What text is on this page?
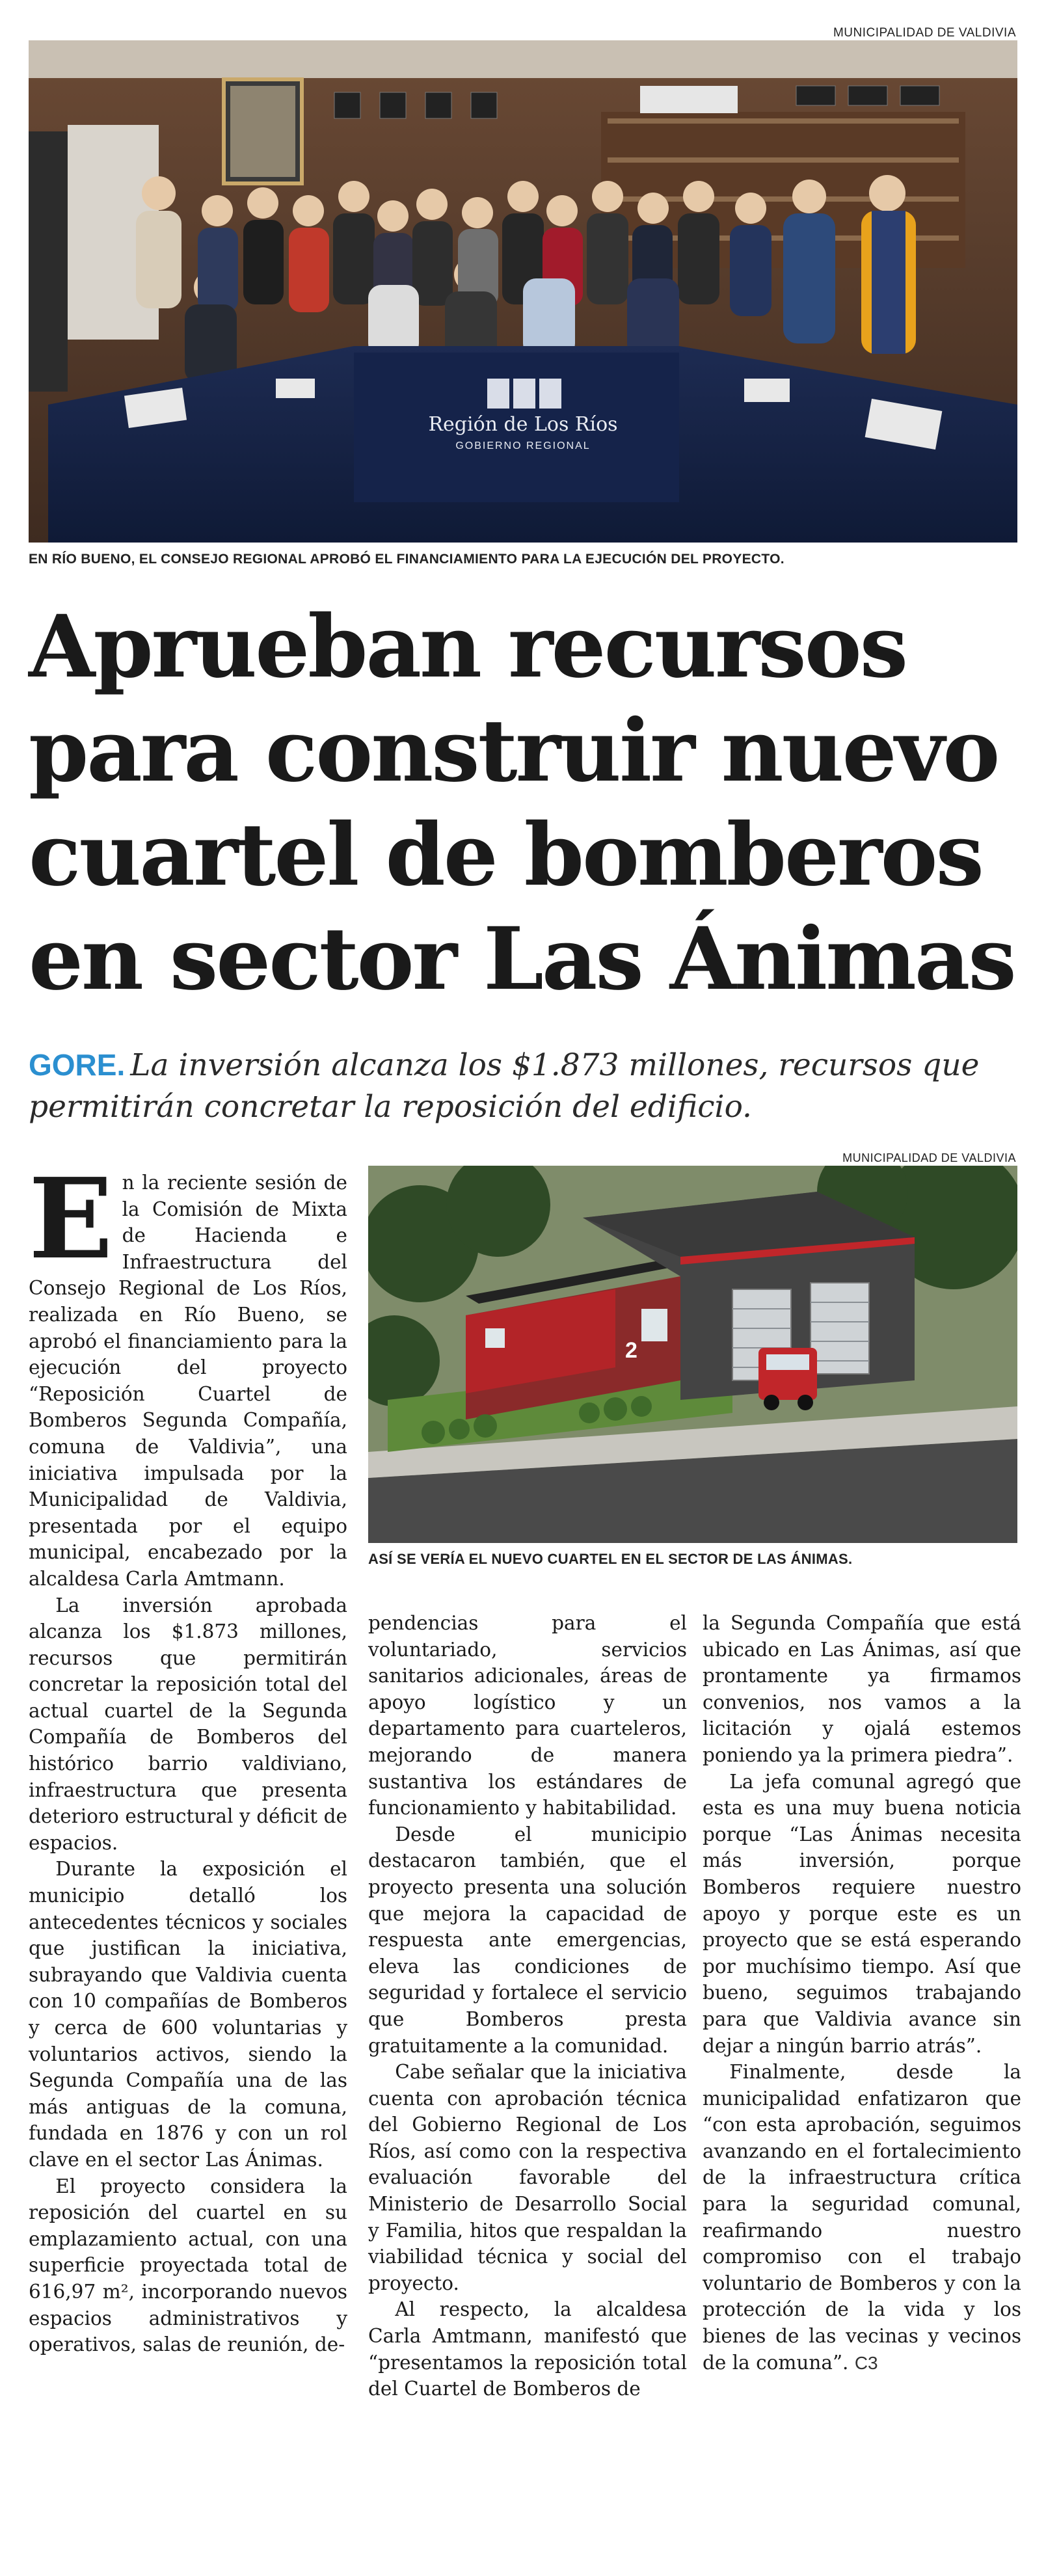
MUNICIPALIDAD DE VALDIVIA
Región de Los Ríos
GOBIERNO REGIONAL
EN RÍO BUENO, EL CONSEJO REGIONAL APROBÓ EL FINANCIAMIENTO PARA LA EJECUCIÓN DEL PROYECTO.
Aprueban recursos
para construir nuevo
cuartel de bomberos
en sector Las Ánimas
GORE. La inversión alcanza los $1.873 millones, recursos que permitirán concretar la reposición del edificio.
MUNICIPALIDAD DE VALDIVIA
2
ASÍ SE VERÍA EL NUEVO CUARTEL EN EL SECTOR DE LAS ÁNIMAS.
E n la reciente sesión de la Comisión de Mixta de Hacienda e Infraestructura del Consejo Regional de Los Ríos, realizada en Río Bueno, se aprobó el financiamiento para la ejecución del proyecto “Reposición Cuartel de Bomberos Segunda Compañía, comuna de Valdivia”, una iniciativa impulsada por la Municipalidad de Valdivia, presentada por el equipo municipal, encabezado por la alcaldesa Carla Amtmann.

La inversión aprobada alcanza los $1.873 millones, recursos que permitirán concretar la reposición total del actual cuartel de la Segunda Compañía de Bomberos del histórico barrio valdiviano, infraestructura que presenta deterioro estructural y déficit de espacios.

Durante la exposición el municipio detalló los antecedentes técnicos y sociales que justifican la iniciativa, subrayando que Valdivia cuenta con 10 compañías de Bomberos y cerca de 600 voluntarias y voluntarios activos, siendo la Segunda Compañía una de las más antiguas de la comuna, fundada en 1876 y con un rol clave en el sector Las Ánimas.

El proyecto considera la reposición del cuartel en su emplazamiento actual, con una superficie proyectada total de 616,97 m², incorporando nuevos espacios administrativos y operativos, salas de reunión, de-

pendencias para el voluntariado, servicios sanitarios adicionales, áreas de apoyo logístico y un departamento para cuarteleros, mejorando de manera sustantiva los estándares de funcionamiento y habitabilidad.

Desde el municipio destacaron también, que el proyecto presenta una solución que mejora la capacidad de respuesta ante emergencias, eleva las condiciones de seguridad y fortalece el servicio que Bomberos presta gratuitamente a la comunidad.

Cabe señalar que la iniciativa cuenta con aprobación técnica del Gobierno Regional de Los Ríos, así como con la respectiva evaluación favorable del Ministerio de Desarrollo Social y Familia, hitos que respaldan la viabilidad técnica y social del proyecto.

Al respecto, la alcaldesa Carla Amtmann, manifestó que “presentamos la reposición total del Cuartel de Bomberos de

la Segunda Compañía que está ubicado en Las Ánimas, así que prontamente ya firmamos convenios, nos vamos a la licitación y ojalá estemos poniendo ya la primera piedra”.

La jefa comunal agregó que esta es una muy buena noticia porque “Las Ánimas necesita más inversión, porque Bomberos requiere nuestro apoyo y porque este es un proyecto que se está esperando por muchísimo tiempo. Así que bueno, seguimos trabajando para que Valdivia avance sin dejar a ningún barrio atrás”.

Finalmente, desde la municipalidad enfatizaron que “con esta aprobación, seguimos avanzando en el fortalecimiento de la infraestructura crítica para la seguridad comunal, reafirmando nuestro compromiso con el trabajo voluntario de Bomberos y con la protección de la vida y los bienes de las vecinas y vecinos de la comuna”. C3
